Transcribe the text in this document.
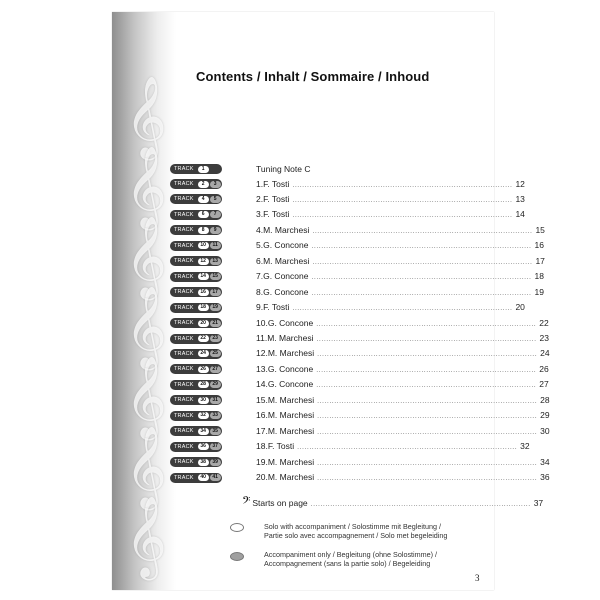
𝄞
𝄞
𝄞
𝄞
𝄞
𝄞
𝄞
Contents / Inhalt / Sommaire / Inhoud
TRACK	1	Tuning Note C
TRACK	2	3	1. F. Tosti .......................................................................................... 12
TRACK	4	5	2. F. Tosti .......................................................................................... 13
TRACK	6	7	3. F. Tosti .......................................................................................... 14
TRACK	8	9	4. M. Marchesi .......................................................................................... 15
TRACK	10	11	5. G. Concone .......................................................................................... 16
TRACK	12	13	6. M. Marchesi .......................................................................................... 17
TRACK	14	15	7. G. Concone .......................................................................................... 18
TRACK	16	17	8. G. Concone .......................................................................................... 19
TRACK	18	19	9. F. Tosti .......................................................................................... 20
TRACK	20	21	10. G. Concone .......................................................................................... 22
TRACK	22	23	11. M. Marchesi .......................................................................................... 23
TRACK	24	25	12. M. Marchesi .......................................................................................... 24
TRACK	26	27	13. G. Concone .......................................................................................... 26
TRACK	28	29	14. G. Concone .......................................................................................... 27
TRACK	30	31	15. M. Marchesi .......................................................................................... 28
TRACK	32	33	16. M. Marchesi .......................................................................................... 29
TRACK	34	35	17. M. Marchesi .......................................................................................... 30
TRACK	36	37	18. F. Tosti .......................................................................................... 32
TRACK	38	39	19. M. Marchesi .......................................................................................... 34
TRACK	40	41	20. M. Marchesi .......................................................................................... 36
𝄢 Starts on page .......................................................................................... 37
Solo with accompaniment / Solostimme mit Begleitung /
Partie solo avec accompagnement / Solo met begeleiding
Accompaniment only / Begleitung (ohne Solostimme) /
Accompagnement (sans la partie solo) / Begeleiding
3
